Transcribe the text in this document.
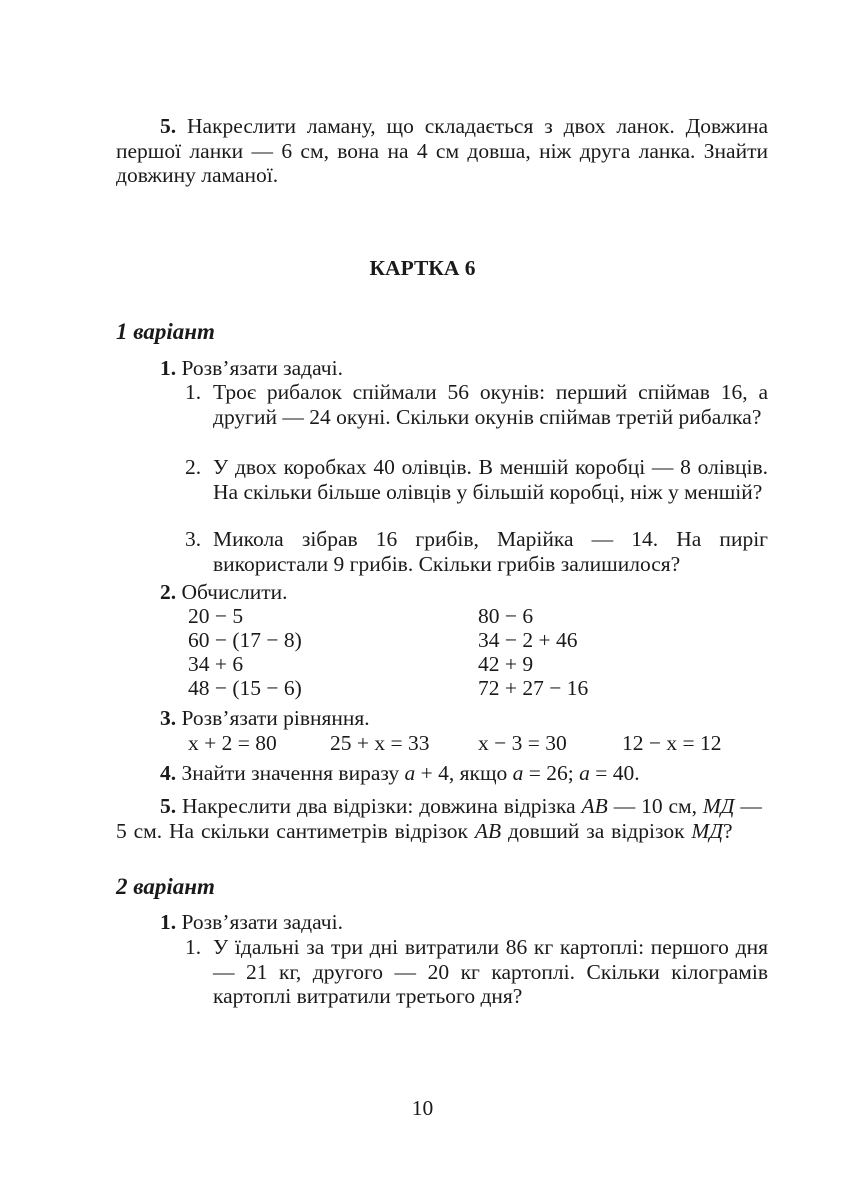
5. Накреслити ламану, що складається з двох ланок. Довжина першої ланки — 6 см, вона на 4 см довша, ніж друга ланка. Знайти довжину ламаної.
КАРТКА 6
1 варіант
1. Розв’язати задачі.
1. Троє рибалок спіймали 56 окунів: перший спіймав 16, а другий — 24 окуні. Скільки окунів спіймав третій рибалка?
2. У двох коробках 40 олівців. В меншій коробці — 8 олівців. На скільки більше олівців у більшій коробці, ніж у меншій?
3. Микола зібрав 16 грибів, Марійка — 14. На пиріг використали 9 грибів. Скільки грибів залишилося?
2. Обчислити.
20 − 5
60 − (17 − 8)
34 + 6
48 − (15 − 6)
80 − 6
34 − 2 + 46
42 + 9
72 + 27 − 16
3. Розв’язати рівняння.
x + 2 = 80 25 + x = 33 x − 3 = 30	12 − x = 12
4. Знайти значення виразу a + 4, якщо a = 26; a = 40.
5. Накреслити два відрізки: довжина відрізка АВ — 10 см, МД —
5 см. На скільки сантиметрів відрізок АВ довший за відрізок МД?
2 варіант
1. Розв’язати задачі.
1. У їдальні за три дні витратили 86 кг картоплі: першого дня — 21 кг, другого — 20 кг картоплі. Скільки кілограмів картоплі витратили третього дня?
10
